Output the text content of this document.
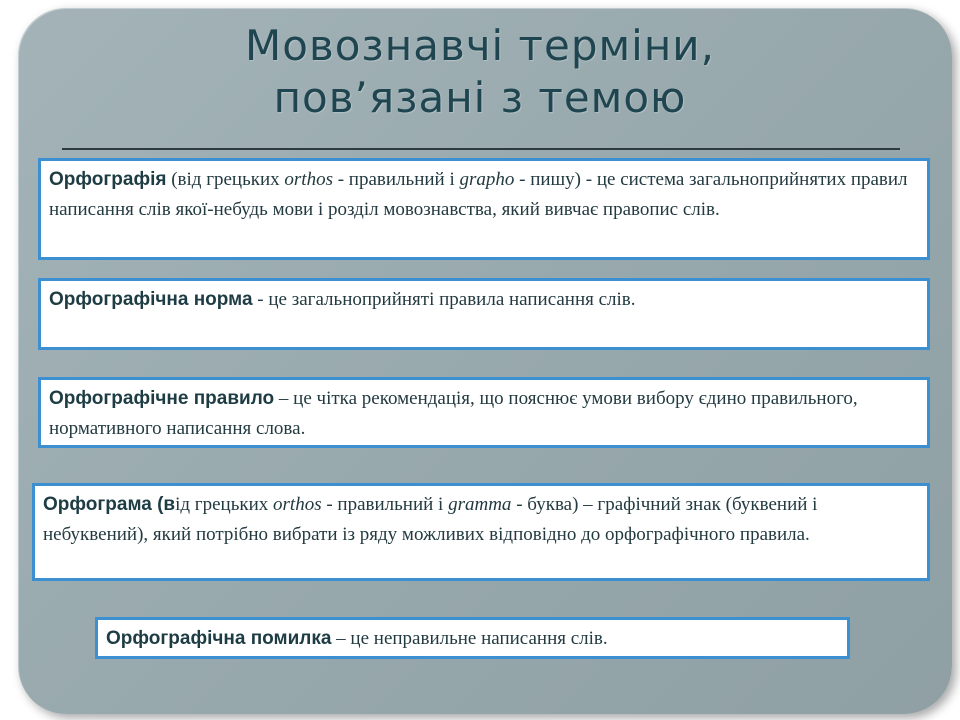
Мовознавчі терміни,
пов’язані з темою
Орфографія (від грецьких orthos - правильний і grapho - пишу) - це система загальноприйнятих правил написання слів якої-небудь мови і розділ мовознавства, який вивчає правопис слів.
Орфографічна норма - це загальноприйняті правила написання слів.
Орфографічне правило – це чітка рекомендація, що пояснює умови вибору єдино правильного, нормативного написання слова.
Орфограма (від грецьких orthos - правильний і gramma - буква) – графічний знак (буквений і небуквений), який потрібно вибрати із ряду можливих відповідно до орфографічного правила.
Орфографічна помилка – це неправильне написання слів.
